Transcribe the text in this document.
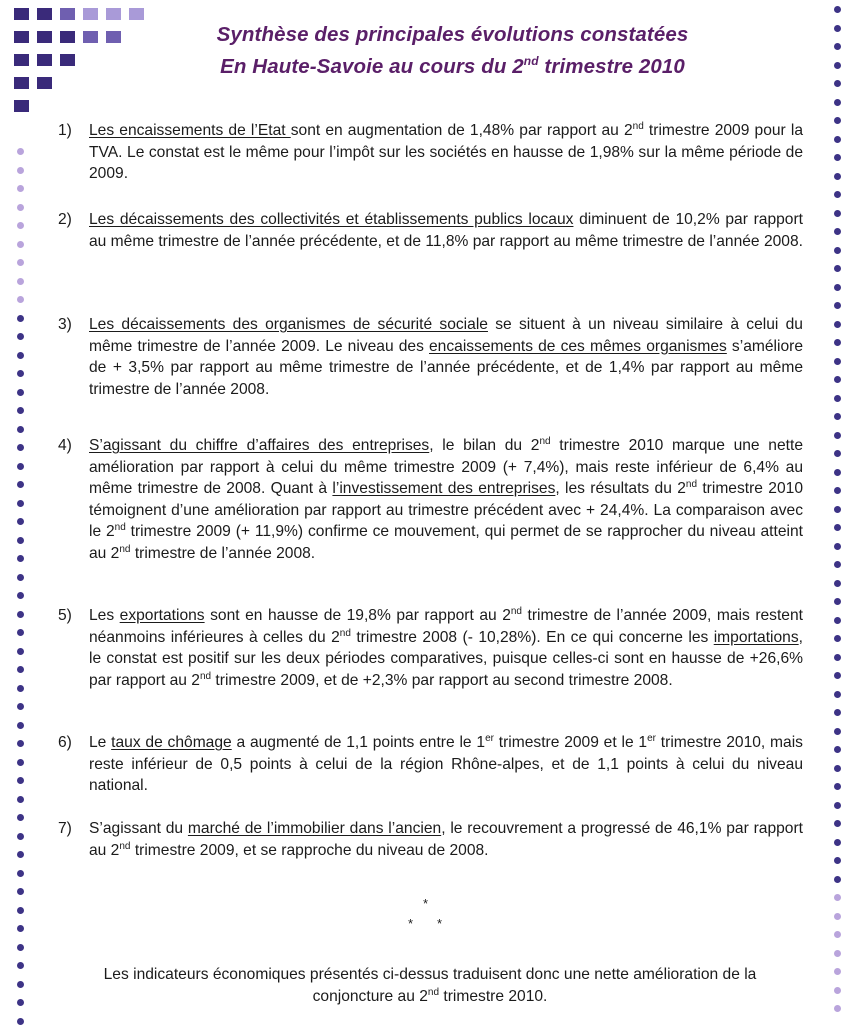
Synthèse des principales évolutions constatées
En Haute-Savoie au cours du 2nd trimestre 2010
1) Les encaissements de l’Etat sont en augmentation de 1,48% par rapport au 2nd trimestre 2009 pour la TVA. Le constat est le même pour l’impôt sur les sociétés en hausse de 1,98% sur la même période de 2009.
2) Les décaissements des collectivités et établissements publics locaux diminuent de 10,2% par rapport au même trimestre de l’année précédente, et de 11,8% par rapport au même trimestre de l’année 2008.
3) Les décaissements des organismes de sécurité sociale se situent à un niveau similaire à celui du même trimestre de l’année 2009. Le niveau des encaissements de ces mêmes organismes s’améliore de + 3,5% par rapport au même trimestre de l’année précédente, et de 1,4% par rapport au même trimestre de l’année 2008.
4) S’agissant du chiffre d’affaires des entreprises, le bilan du 2nd trimestre 2010 marque une nette amélioration par rapport à celui du même trimestre 2009 (+ 7,4%), mais reste inférieur de 6,4% au même trimestre de 2008. Quant à l’investissement des entreprises, les résultats du 2nd trimestre 2010 témoignent d’une amélioration par rapport au trimestre précédent avec + 24,4%. La comparaison avec le 2nd trimestre 2009 (+ 11,9%) confirme ce mouvement, qui permet de se rapprocher du niveau atteint au 2nd trimestre de l’année 2008.
5) Les exportations sont en hausse de 19,8% par rapport au 2nd trimestre de l’année 2009, mais restent néanmoins inférieures à celles du 2nd trimestre 2008 (- 10,28%). En ce qui concerne les importations, le constat est positif sur les deux périodes comparatives, puisque celles-ci sont en hausse de +26,6% par rapport au 2nd trimestre 2009, et de +2,3% par rapport au second trimestre 2008.
6) Le taux de chômage a augmenté de 1,1 points entre le 1er trimestre 2009 et le 1er trimestre 2010, mais reste inférieur de 0,5 points à celui de la région Rhône-alpes, et de 1,1 points à celui du niveau national.
7) S’agissant du marché de l’immobilier dans l’ancien, le recouvrement a progressé de 46,1% par rapport au 2nd trimestre 2009, et se rapproche du niveau de 2008.
*
* *
Les indicateurs économiques présentés ci-dessus traduisent donc une nette amélioration de la conjoncture au 2nd trimestre 2010.
